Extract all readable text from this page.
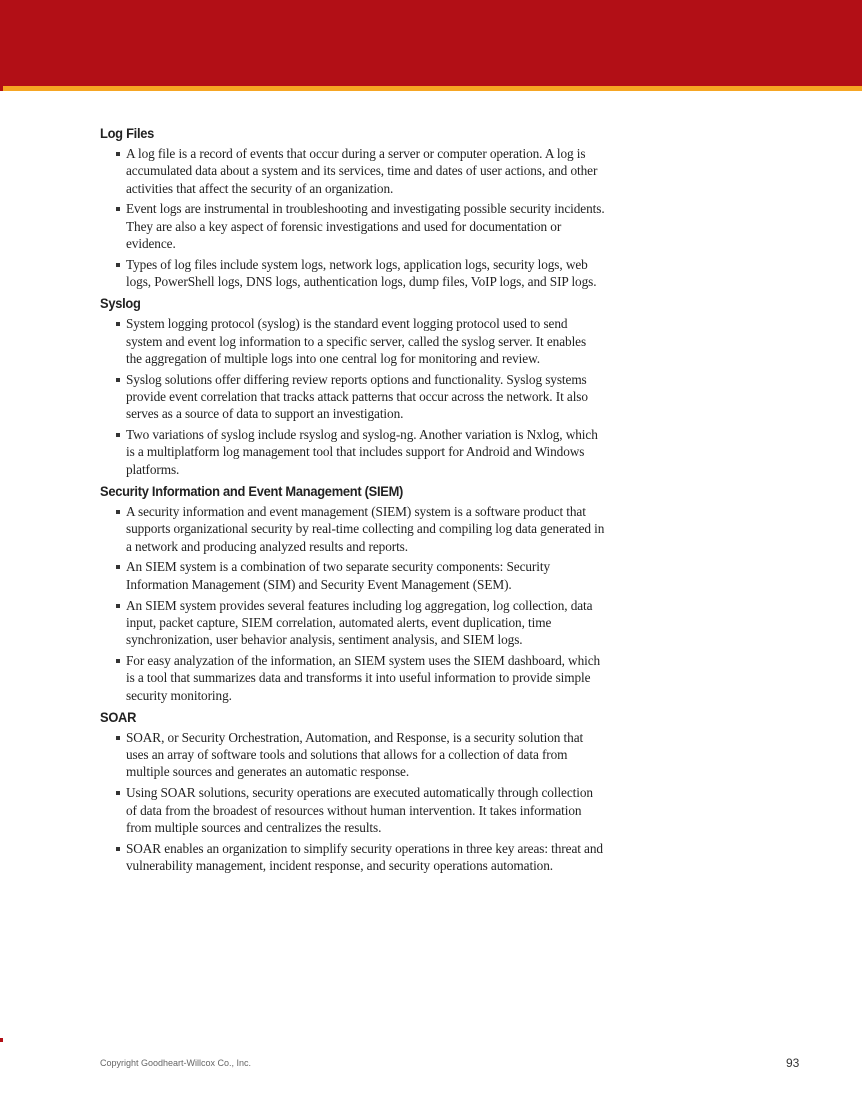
Log Files
A log file is a record of events that occur during a server or computer operation. A log is accumulated data about a system and its services, time and dates of user actions, and other activities that affect the security of an organization.
Event logs are instrumental in troubleshooting and investigating possible security incidents. They are also a key aspect of forensic investigations and used for documentation or evidence.
Types of log files include system logs, network logs, application logs, security logs, web logs, PowerShell logs, DNS logs, authentication logs, dump files, VoIP logs, and SIP logs.
Syslog
System logging protocol (syslog) is the standard event logging protocol used to send system and event log information to a specific server, called the syslog server. It enables the aggregation of multiple logs into one central log for monitoring and review.
Syslog solutions offer differing review reports options and functionality. Syslog systems provide event correlation that tracks attack patterns that occur across the network. It also serves as a source of data to support an investigation.
Two variations of syslog include rsyslog and syslog-ng. Another variation is Nxlog, which is a multiplatform log management tool that includes support for Android and Windows platforms.
Security Information and Event Management (SIEM)
A security information and event management (SIEM) system is a software product that supports organizational security by real-time collecting and compiling log data generated in a network and producing analyzed results and reports.
An SIEM system is a combination of two separate security components: Security Information Management (SIM) and Security Event Management (SEM).
An SIEM system provides several features including log aggregation, log collection, data input, packet capture, SIEM correlation, automated alerts, event duplication, time synchronization, user behavior analysis, sentiment analysis, and SIEM logs.
For easy analyzation of the information, an SIEM system uses the SIEM dashboard, which is a tool that summarizes data and transforms it into useful information to provide simple security monitoring.
SOAR
SOAR, or Security Orchestration, Automation, and Response, is a security solution that uses an array of software tools and solutions that allows for a collection of data from multiple sources and generates an automatic response.
Using SOAR solutions, security operations are executed automatically through collection of data from the broadest of resources without human intervention. It takes information from multiple sources and centralizes the results.
SOAR enables an organization to simplify security operations in three key areas: threat and vulnerability management, incident response, and security operations automation.
Copyright Goodheart-Willcox Co., Inc.	93
